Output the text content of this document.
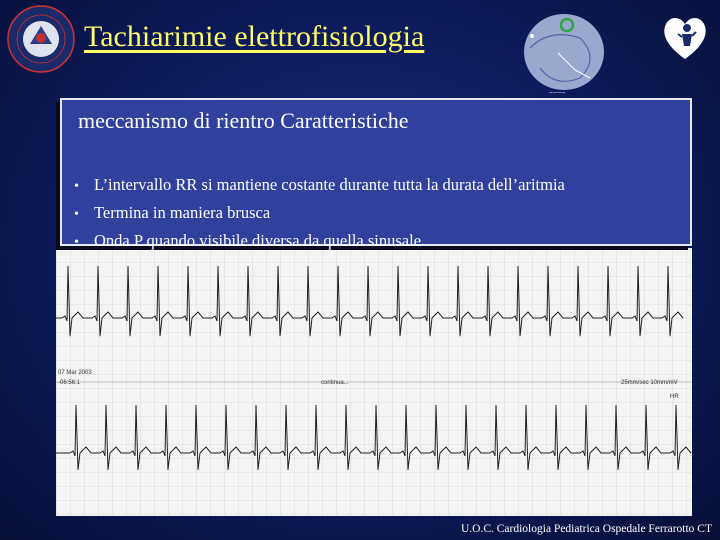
Tachiarimie elettrofisiologia
~~~~
07 Mar 2003
-06:56:1	continua...	25mm/sec 10mm/mV
HR
meccanismo di rientro Caratteristiche
• L’intervallo RR si mantiene costante durante tutta la durata dell’aritmia
• Termina in maniera brusca
• Onda P quando visibile diversa da quella sinusale
U.O.C. Cardiologia Pediatrica Ospedale Ferrarotto CT
